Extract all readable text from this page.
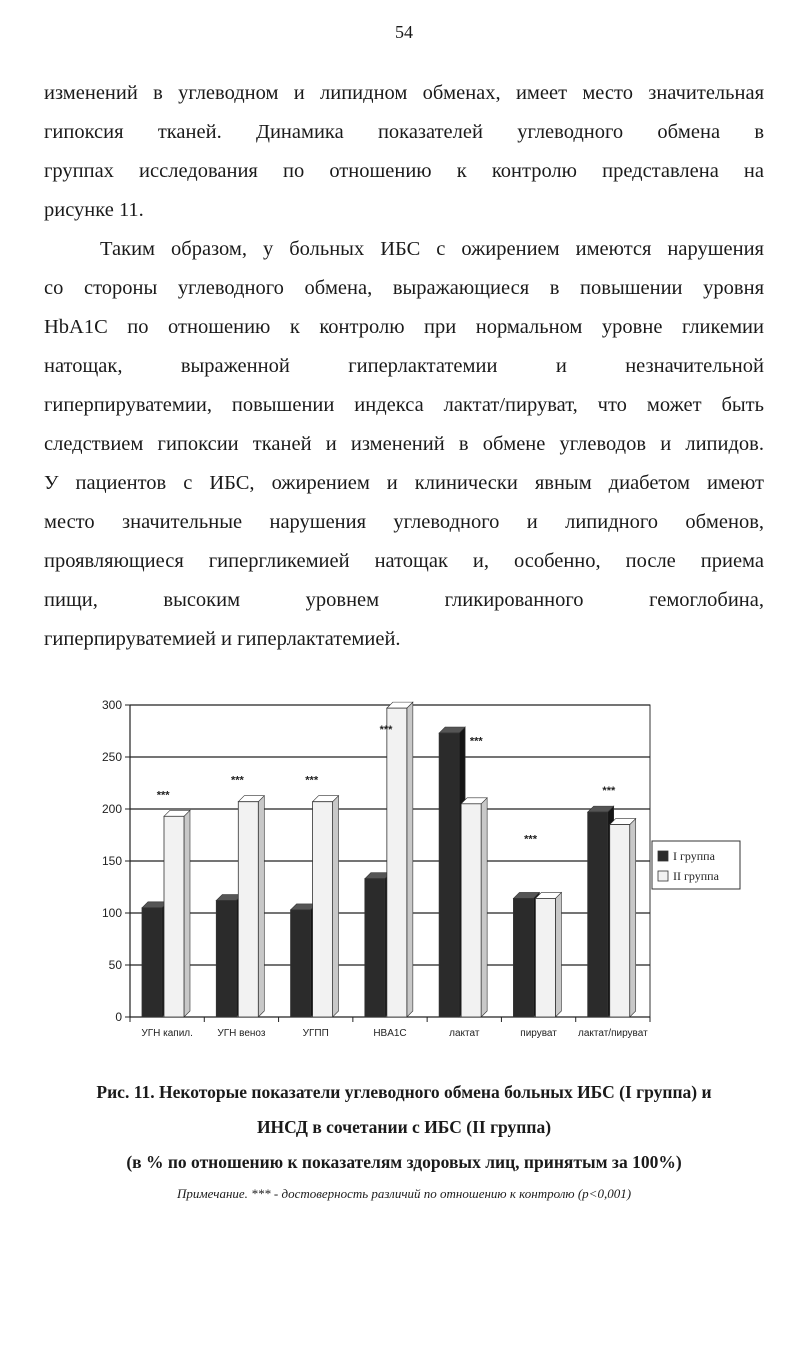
54
изменений в углеводном и липидном обменах, имеет место значительная
гипоксия тканей. Динамика показателей углеводного обмена в
группах исследования по отношению к контролю представлена на
рисунке 11.
Таким образом, у больных ИБС с ожирением имеются нарушения
со стороны углеводного обмена, выражающиеся в повышении уровня
HbA1C по отношению к контролю при нормальном уровне гликемии
натощак, выраженной гиперлактатемии и незначительной
гиперпируватемии, повышении индекса лактат/пируват, что может быть
следствием гипоксии тканей и изменений в обмене углеводов и липидов.
У пациентов с ИБС, ожирением и клинически явным диабетом имеют
место значительные нарушения углеводного и липидного обменов,
проявляющиеся гипергликемией натощак и, особенно, после приема
пищи, высоким уровнем гликированного гемоглобина,
гиперпируватемией и гиперлактатемией.
0
50
100
150
200
250
300
УГН капил.
***
УГН веноз
***
УГПП
***
HBA1C
***
лактат
***
пируват
***
лактат/пируват
***
I группа
II группа
Рис. 11. Некоторые показатели углеводного обмена больных ИБС (I группа) и
ИНСД в сочетании с ИБС (II группа)
(в % по отношению к показателям здоровых лиц, принятым за 100%)
Примечание. *** - достоверность различий по отношению к контролю (р<0,001)
